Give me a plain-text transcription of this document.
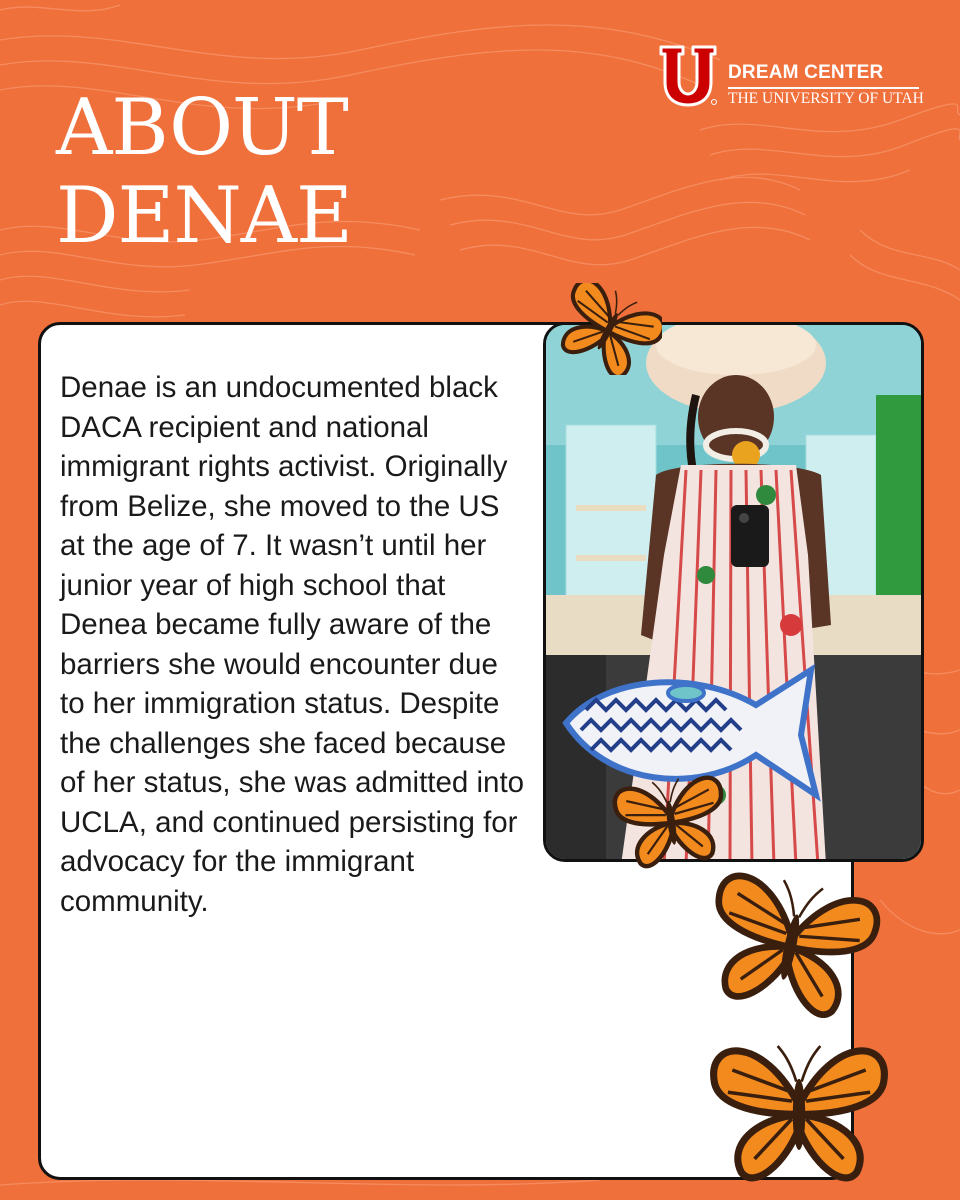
DREAM CENTER
THE UNIVERSITY OF UTAH
ABOUT
DENAE

Denae is an undocumented black DACA recipient and national immigrant rights activist. Originally from Belize, she moved to the US at the age of 7. It wasn’t until her junior year of high school that Denea became fully aware of the barriers she would encounter due to her immigration status. Despite the challenges she faced because of her status, she was admitted into UCLA, and continued persisting for advocacy for the immigrant community.
